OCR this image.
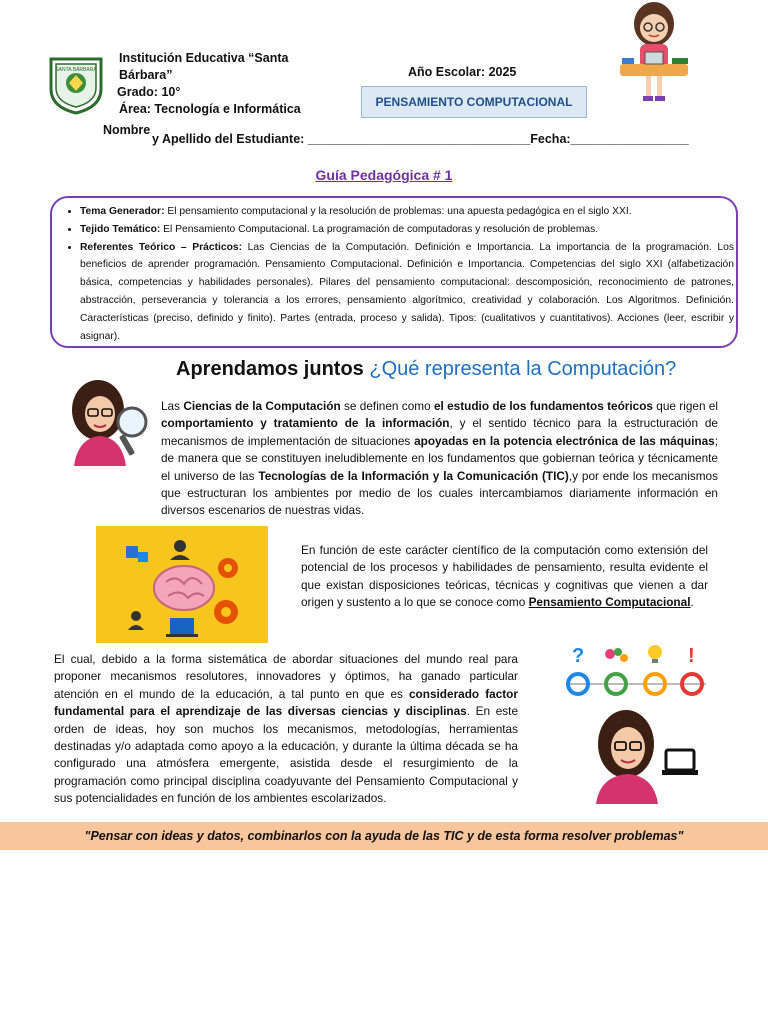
SANTA BÁRBARA
Institución Educativa “Santa
Bárbara”
Grado: 10°
Área: Tecnología e Informática
Año Escolar: 2025
PENSAMIENTO COMPUTACIONAL
Nombre
y Apellido del Estudiante: ________________________________Fecha:_________________
Guía Pedagógica # 1
• Tema Generador: El pensamiento computacional y la resolución de problemas: una apuesta pedagógica en el siglo XXI.
• Tejido Temático: El Pensamiento Computacional. La programación de computadoras y resolución de problemas.
• Referentes Teórico – Prácticos: Las Ciencias de la Computación. Definición e Importancia. La importancia de la programación. Los beneficios de aprender programación. Pensamiento Computacional. Definición e Importancia. Competencias del siglo XXI (alfabetización básica, competencias y habilidades personales). Pilares del pensamiento computacional: descomposición, reconocimiento de patrones, abstracción, perseverancia y tolerancia a los errores, pensamiento algorítmico, creatividad y colaboración. Los Algoritmos. Definición. Características (preciso, definido y finito). Partes (entrada, proceso y salida). Tipos: (cualitativos y cuantitativos). Acciones (leer, escribir y asignar).
Aprendamos juntos ¿Qué representa la Computación?
Las Ciencias de la Computación se definen como el estudio de los fundamentos teóricos que rigen el comportamiento y tratamiento de la información, y el sentido técnico para la estructuración de mecanismos de implementación de situaciones apoyadas en la potencia electrónica de las máquinas; de manera que se constituyen ineludiblemente en los fundamentos que gobiernan teórica y técnicamente el universo de las Tecnologías de la Información y la Comunicación (TIC),y por ende los mecanismos que estructuran los ambientes por medio de los cuales intercambiamos diariamente información en diversos escenarios de nuestras vidas.
En función de este carácter científico de la computación como extensión del potencial de los procesos y habilidades de pensamiento, resulta evidente el que existan disposiciones teóricas, técnicas y cognitivas que vienen a dar origen y sustento a lo que se conoce como Pensamiento Computacional.
?	!
El cual, debido a la forma sistemática de abordar situaciones del mundo real para proponer mecanismos resolutores, innovadores y óptimos, ha ganado particular atención en el mundo de la educación, a tal punto en que es considerado factor fundamental para el aprendizaje de las diversas ciencias y disciplinas. En este orden de ideas, hoy son muchos los mecanismos, metodologías, herramientas destinadas y/o adaptada como apoyo a la educación, y durante la última década se ha configurado una atmósfera emergente, asistida desde el resurgimiento de la programación como principal disciplina coadyuvante del Pensamiento Computacional y sus potencialidades en función de los ambientes escolarizados.
"Pensar con ideas y datos, combinarlos con la ayuda de las TIC y de esta forma resolver problemas"
